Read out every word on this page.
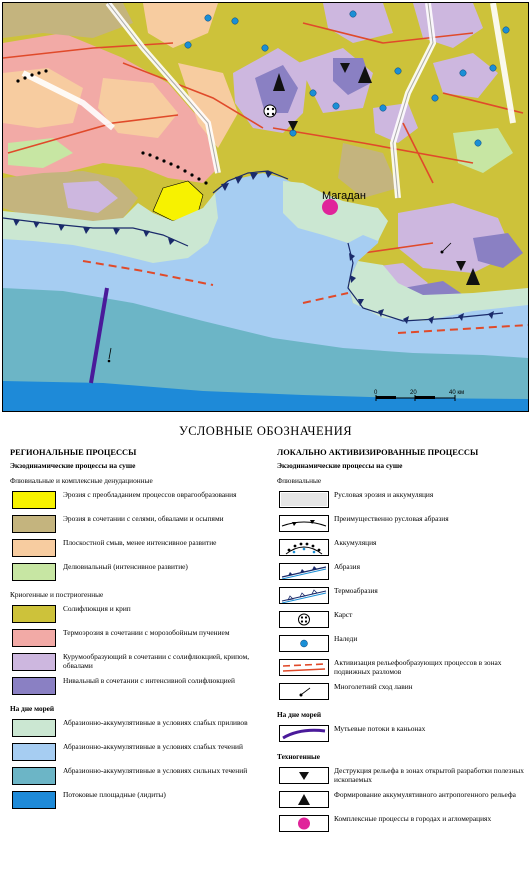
Магадан
0	20	40 км
УСЛОВНЫЕ ОБОЗНАЧЕНИЯ
РЕГИОНАЛЬНЫЕ ПРОЦЕССЫ
Экзодинамические процессы на суше
Флювиальные и комплексные денудационные
Эрозия с преобладанием процессов оврагообразования
Эрозия в сочетании с селями, обвалами и осыпями
Плоскостной смыв, менее интенсивное развитие
Делювиальный (интенсивное развитие)
Криогенные и постриогенные
Солифлюкция и крип
Термоэрозия в сочетании с морозобойным пучением
Курумообразующий в сочетании с солифлюкцией, крипом, обвалами
Нивальный в сочетании с интенсивной солифлюкцией
На дне морей
Абразионно-аккумулятивные в условиях слабых приливов
Абразионно-аккумулятивные в условиях слабых течений
Абразионно-аккумулятивные в условиях сильных течений
Потоковые площадные (лидиты)
ЛОКАЛЬНО АКТИВИЗИРОВАННЫЕ ПРОЦЕССЫ
Экзодинамические процессы на суше
Флювиальные
Русловая эрозия и аккумуляция
Преимущественно русловая абразия
Аккумуляция
Абразия
Термоабразия
Карст
Наледи
Активизация рельефообразующих процессов в зонах подвижных разломов
Многолетний сход лавин
На дне морей
Мутьевые потоки в каньонах
Техногенные
Деструкция рельефа в зонах открытой разработки полезных ископаемых
Формирование аккумулятивного антропогенного рельефа
Комплексные процессы в городах и агломерациях
